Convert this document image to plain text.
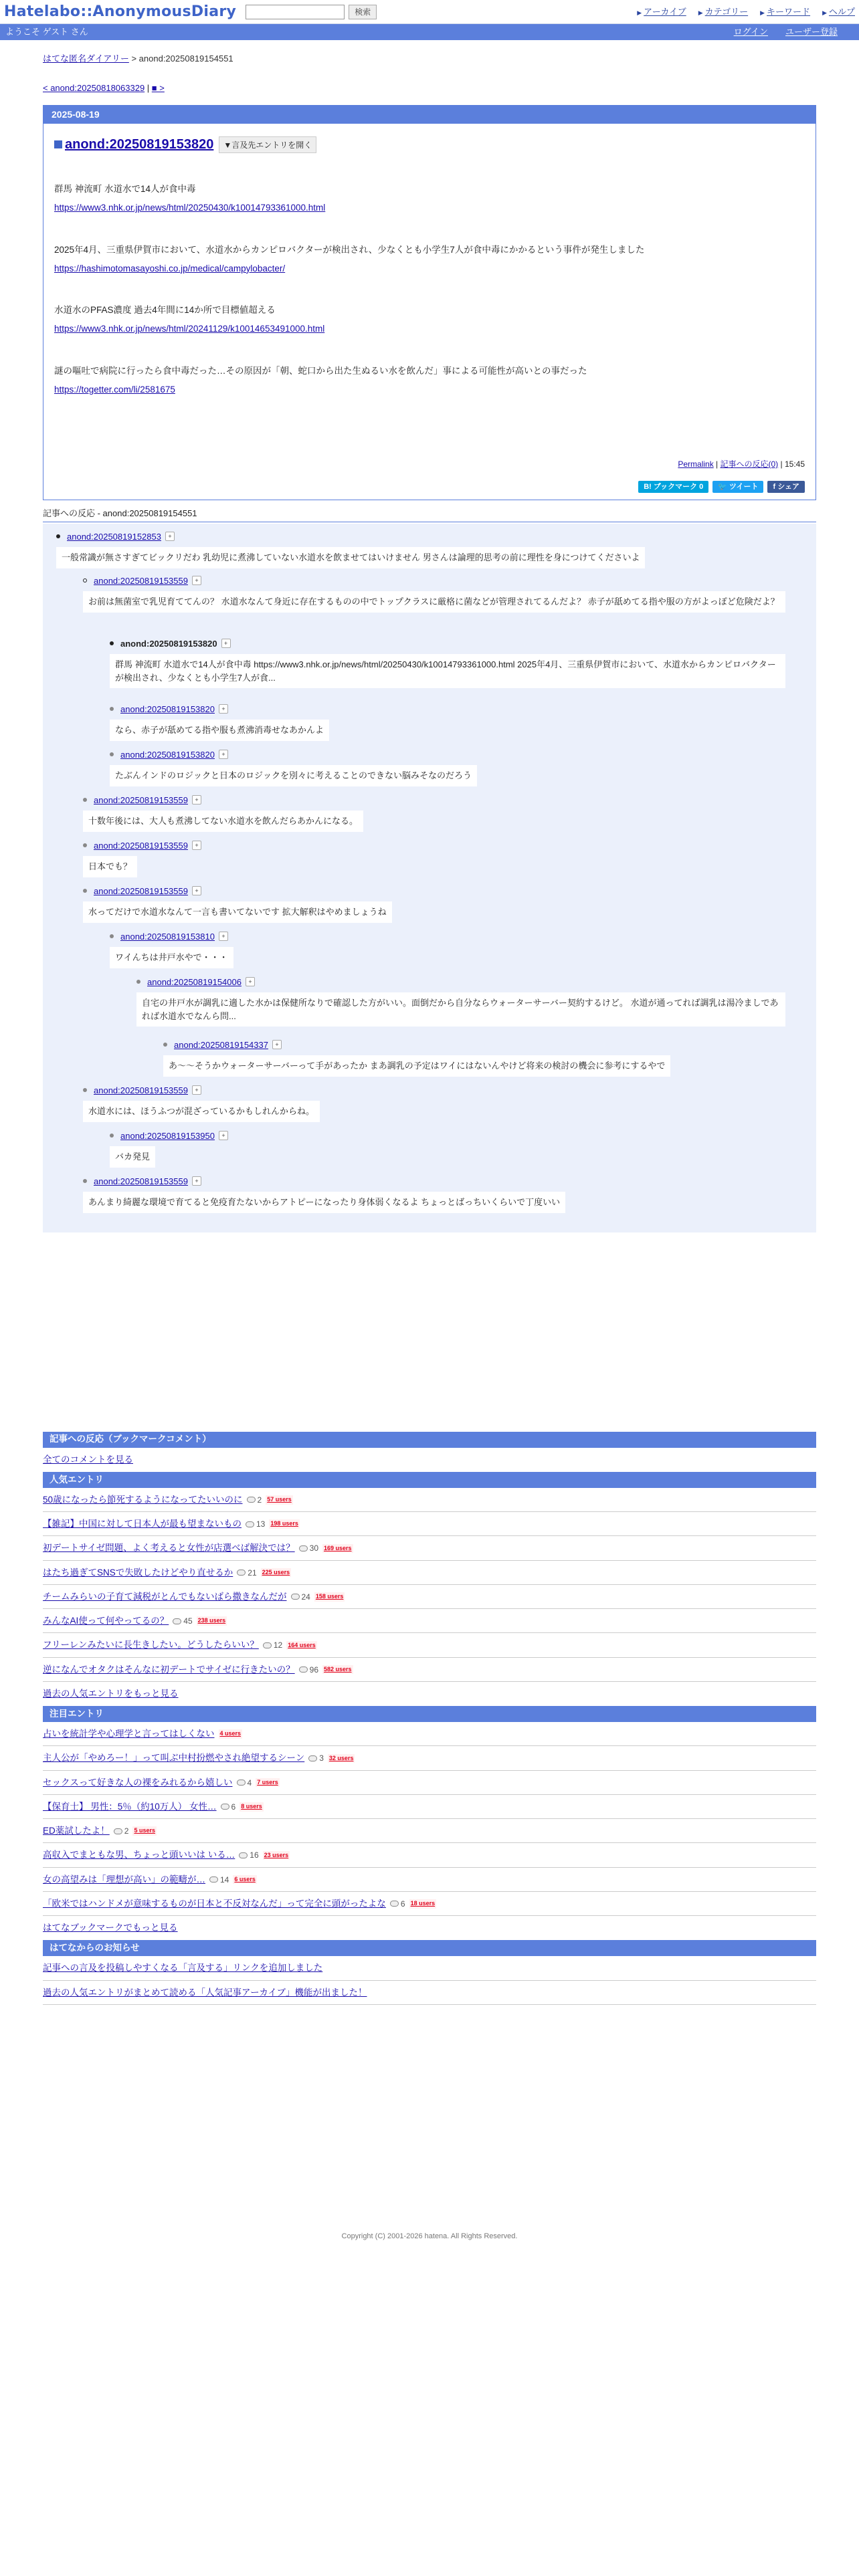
Hatelabo::AnonymousDiary	検索	▶ アーカイブ ▶ カテゴリー ▶ キーワード ▶ ヘルプ
ようこそ ゲスト さん	ログイン ユーザー登録
はてな匿名ダイアリー > anond:20250819154551
< anond:20250818063329 | ■ >
2025-08-19
anond:20250819153820	▼言及先エントリを開く

群馬 神流町 水道水で14人が食中毒

https://www3.nhk.or.jp/news/html/20250430/k10014793361000.html

2025年4月、三重県伊賀市において、水道水からカンピロバクターが検出され、少なくとも小学生7人が食中毒にかかるという事件が発生しました

https://hashimotomasayoshi.co.jp/medical/campylobacter/

水道水のPFAS濃度 過去4年間に14か所で目標値超える

https://www3.nhk.or.jp/news/html/20241129/k10014653491000.html

謎の嘔吐で病院に行ったら食中毒だった…その原因が「朝、蛇口から出た生ぬるい水を飲んだ」事による可能性が高いとの事だった

https://togetter.com/li/2581675

Permalink | 記事への反応(0) | 15:45
B! ブックマーク 0	🐦 ツイート f シェア
記事への反応 - anond:20250819154551
anond:20250819152853	+
一般常識が無さすぎてビックリだわ 乳幼児に煮沸していない水道水を飲ませてはいけません 男さんは論理的思考の前に理性を身につけてくださいよ
anond:20250819153559	+
お前は無菌室で乳児育ててんの？ 水道水なんて身近に存在するものの中でトップクラスに厳格に菌などが管理されてるんだよ？ 赤子が舐めてる指や服の方がよっぽど危険だよ？
anond:20250819153820	+
群馬 神流町 水道水で14人が食中毒 https://www3.nhk.or.jp/news/html/20250430/k10014793361000.html 2025年4月、三重県伊賀市において、水道水からカンピロバクターが検出され、少なくとも小学生7人が食...
anond:20250819153820	+
なら、赤子が舐めてる指や服も煮沸消毒せなあかんよ
anond:20250819153820	+
たぶんインドのロジックと日本のロジックを別々に考えることのできない脳みそなのだろう
anond:20250819153559	+
十数年後には、大人も煮沸してない水道水を飲んだらあかんになる。
anond:20250819153559	+
日本でも？
anond:20250819153559	+
水ってだけで水道水なんて一言も書いてないです 拡大解釈はやめましょうね
anond:20250819153810	+
ワイんちは井戸水やで・・・
anond:20250819154006	+
自宅の井戸水が調乳に適した水かは保健所なりで確認した方がいい。面倒だから自分ならウォーターサーバー契約するけど。 水道が通ってれば調乳は湯冷ましであれば水道水でなんら問...
anond:20250819154337	+
あ～～そうかウォーターサーバーって手があったか まあ調乳の予定はワイにはないんやけど将来の検討の機会に参考にするやで
anond:20250819153559	+
水道水には、ほうふつが混ざっているかもしれんからね。
anond:20250819153950	+
バカ発見
anond:20250819153559	+
あんまり綺麗な環境で育てると免疫育たないからアトピーになったり身体弱くなるよ ちょっとばっちいくらいで丁度いい
記事への反応（ブックマークコメント）
全てのコメントを見る
人気エントリ
50歳になったら節死するようになってたいいのに 2 57 users
【雑記】中国に対して日本人が最も望まないもの 13 198 users
初デートサイゼ問題、よく考えると女性が店選べば解決では？ 30 169 users
はたち過ぎてSNSで失敗したけどやり直せるか 21 225 users
チームみらいの子育て減税がとんでもないばら撒きなんだが 24 158 users
みんなAI使って何やってるの？ 45 238 users
フリーレンみたいに長生きしたい。どうしたらいい？ 12 164 users
逆になんでオタクはそんなに初デートでサイゼに行きたいの？ 96 582 users
過去の人気エントリをもっと見る
注目エントリ
占いを統計学や心理学と言ってはしくない 4 users
主人公が「やめろー！」って叫ぶ中村扮燃やされ絶望するシーン 3 32 users
セックスって好きな人の裸をみれるから嬉しい 4 7 users
【保育士】 男性：5％（約10万人） 女性… 6 8 users
ED薬試したよ！ 2 5 users
高収入でまともな男、ちょっと頭いいは いる… 16 23 users
女の高望みは「理想が高い」の範疇が… 14 6 users
「欧米ではハンドメが意味するものが日本と不反対なんだ」って完全に頭がったよな 6 18 users
はてなブックマークでもっと見る
はてなからのお知らせ
記事への言及を投稿しやすくなる「言及する」リンクを追加しました
過去の人気エントリがまとめて読める「人気記事アーカイブ」機能が出ました！
Copyright (C) 2001-2026 hatena. All Rights Reserved.
